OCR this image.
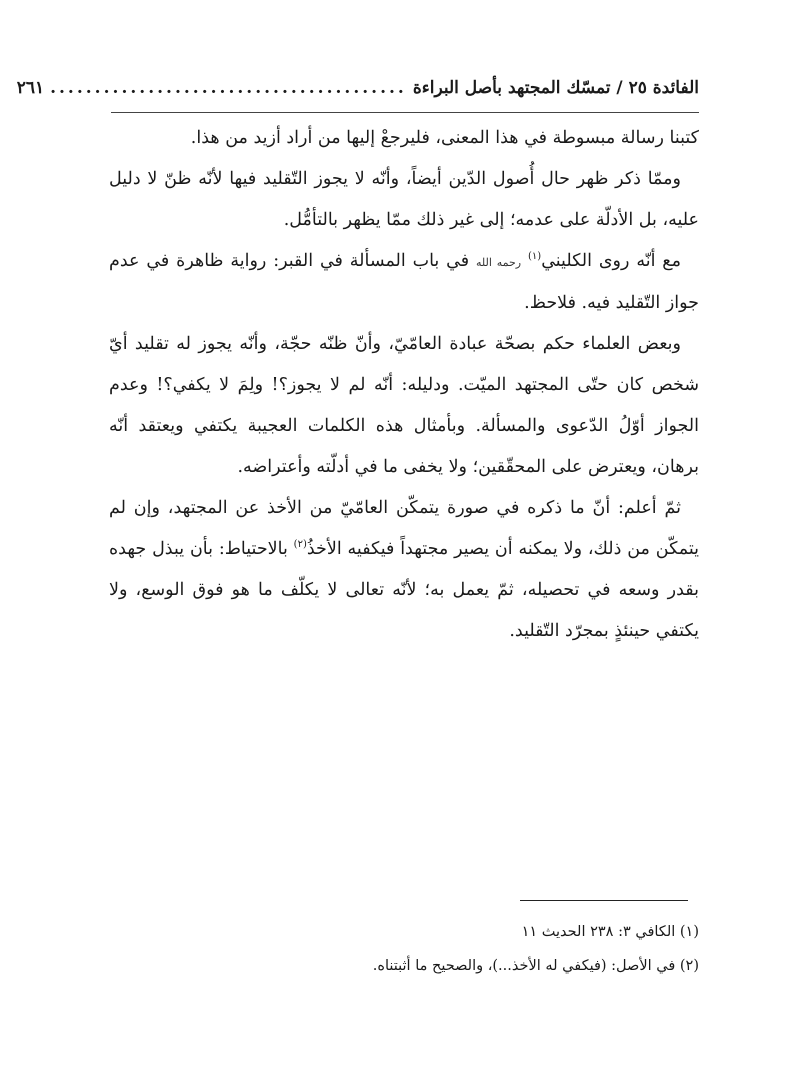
الفائدة ٢٥ / تمسّك المجتهد بأصل البراءة
........................................
٢٦١

كتبنا رسالة مبسوطة في هذا المعنى، فليرجعْ إليها من أراد أزيد من هذا.

وممّا ذكر ظهر حال أُصول الدّين أيضاً، وأنّه لا يجوز التّقليد فيها لأنّه ظنّ لا دليل عليه، بل الأدلّة على عدمه؛ إلى غير ذلك ممّا يظهر بالتأمُّل.

مع أنّه روى الكليني$^{(١)}$ رحمه الله في باب المسألة في القبر: رواية ظاهرة في عدم جواز التّقليد فيه. فلاحظ.

وبعض العلماء حكم بصحّة عبادة العامّيّ، وأنّ ظنّه حجّة، وأنّه يجوز له تقليد أيّ شخص كان حتّى المجتهد الميّت. ودليله: أنّه لم لا يجوز؟! ولِمَ لا يكفي؟! وعدم الجواز أوّلُ الدّعوى والمسألة. وبأمثال هذه الكلمات العجيبة يكتفي ويعتقد أنّه برهان، ويعترض على المحقّقين؛ ولا يخفى ما في أدلّته وأعتراضه.

ثمّ أعلم: أنّ ما ذكره في صورة يتمكّن العامّيّ من الأخذ عن المجتهد، وإن لم يتمكّن من ذلك، ولا يمكنه أن يصير مجتهداً فيكفيه الأخذُ$^{(٢)}$ بالاحتياط: بأن يبذل جهده بقدر وسعه في تحصيله، ثمّ يعمل به؛ لأنّه تعالى لا يكلّف ما هو فوق الوسع، ولا يكتفي حينئذٍ بمجرّد التّقليد.

(١) الكافي ٣: ٢٣٨ الحديث ١١

(٢) في الأصل: (فيكفي له الأخذ...)، والصحيح ما أثبتناه.
